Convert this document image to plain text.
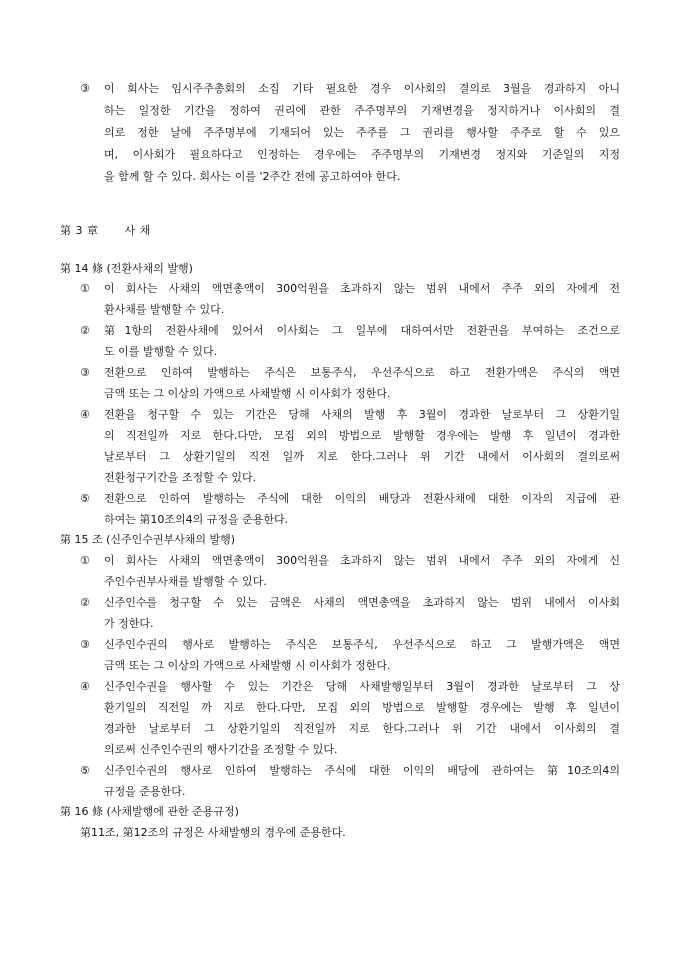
③ 이 회사는 임시주주총회의 소집 기타 필요한 경우 이사회의 결의로 3월을 경과하지 아니
하는 일정한 기간을 정하여 권리에 관한 주주명부의 기재변경을 정지하거나 이사회의 결
의로 정한 날에 주주명부에 기재되어 있는 주주를 그 권리를 행사할 주주로 할 수 있으
며, 이사회가 필요하다고 인정하는 경우에는 주주명부의 기재변경 정지와 기준일의 지정
을 함께 할 수 있다. 회사는 이를 '2주간 전에 공고하여야 한다.
第 3 章 사 채
第 14 條 (전환사채의 발행)
① 이 회사는 사채의 액면총액이 300억원을 초과하지 않는 범위 내에서 주주 외의 자에게 전
환사채를 발행할 수 있다.
② 第1항의 전환사채에 있어서 이사회는 그 일부에 대하여서만 전환권을 부여하는 조건으로
도 이를 발행할 수 있다.
③ 전환으로 인하여 발행하는 주식은 보통주식, 우선주식으로 하고 전환가액은 주식의 액면
금액 또는 그 이상의 가액으로 사채발행 시 이사회가 정한다.
④ 전환을 청구할 수 있는 기간은 당해 사채의 발행 후 3월이 경과한 날로부터 그 상환기일
의 직전일까 지로 한다.다만, 모집 외의 방법으로 발행할 경우에는 발행 후 일년이 경과한
날로부터 그 상환기일의 직전 일까 지로 한다.그러나 위 기간 내에서 이사회의 결의로써
전환청구기간을 조정할 수 있다.
⑤ 전환으로 인하여 발행하는 주식에 대한 이익의 배당과 전환사채에 대한 이자의 지급에 관
하여는 第10조의4의 규정을 준용한다.
第 15 조 (신주인수권부사채의 발행)
① 이 회사는 사채의 액면총액이 300억원을 초과하지 않는 범위 내에서 주주 외의 자에게 신
주인수권부사채를 발행할 수 있다.
② 신주인수를 청구할 수 있는 금액은 사채의 액면총액을 초과하지 않는 범위 내에서 이사회
가 정한다.
③ 신주인수권의 행사로 발행하는 주식은 보통주식, 우선주식으로 하고 그 발행가액은 액면
금액 또는 그 이상의 가액으로 사채발행 시 이사회가 정한다.
④ 신주인수권을 행사할 수 있는 기간은 당해 사채발행일부터 3월이 경과한 날로부터 그 상
환기일의 직전일 까 지로 한다.다만, 모집 외의 방법으로 발행할 경우에는 발행 후 일년이
경과한 날로부터 그 상환기일의 직전일까 지로 한다.그러나 위 기간 내에서 이사회의 결
의로써 신주인수권의 행사기간을 조정할 수 있다.
⑤ 신주인수권의 행사로 인하여 발행하는 주식에 대한 이익의 배당에 관하여는 第10조의4의
규정을 준용한다.
第 16 條 (사채발행에 관한 준용규정)
第11조, 第12조의 규정은 사채발행의 경우에 준용한다.
